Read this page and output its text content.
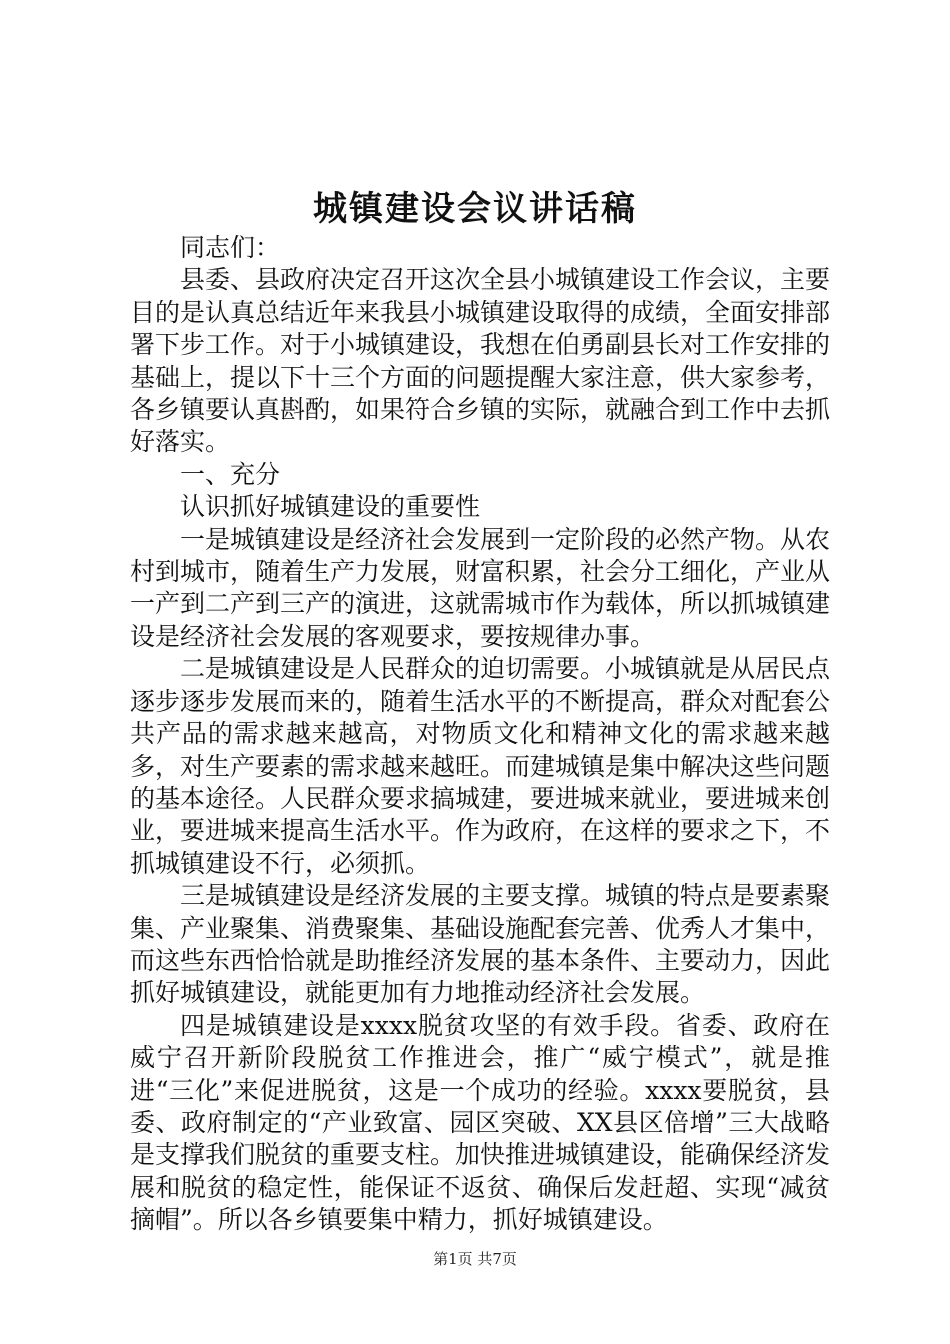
城镇建设会议讲话稿

同志们：

县委、县政府决定召开这次全县小城镇建设工作会议，主要目的是认真总结近年来我县小城镇建设取得的成绩，全面安排部署下步工作。对于小城镇建设，我想在伯勇副县长对工作安排的基础上，提以下十三个方面的问题提醒大家注意，供大家参考，各乡镇要认真斟酌，如果符合乡镇的实际，就融合到工作中去抓好落实。

一、充分

认识抓好城镇建设的重要性

一是城镇建设是经济社会发展到一定阶段的必然产物。从农村到城市，随着生产力发展，财富积累，社会分工细化，产业从一产到二产到三产的演进，这就需城市作为载体，所以抓城镇建设是经济社会发展的客观要求，要按规律办事。

二是城镇建设是人民群众的迫切需要。小城镇就是从居民点逐步逐步发展而来的，随着生活水平的不断提高，群众对配套公共产品的需求越来越高，对物质文化和精神文化的需求越来越多，对生产要素的需求越来越旺。而建城镇是集中解决这些问题的基本途径。人民群众要求搞城建，要进城来就业，要进城来创业，要进城来提高生活水平。作为政府，在这样的要求之下，不抓城镇建设不行，必须抓。

三是城镇建设是经济发展的主要支撑。城镇的特点是要素聚集、产业聚集、消费聚集、基础设施配套完善、优秀人才集中，而这些东西恰恰就是助推经济发展的基本条件、主要动力，因此抓好城镇建设，就能更加有力地推动经济社会发展。

四是城镇建设是xxxx脱贫攻坚的有效手段。省委、政府在威宁召开新阶段脱贫工作推进会，推广“威宁模式”，就是推进“三化”来促进脱贫，这是一个成功的经验。xxxx要脱贫，县委、政府制定的“产业致富、园区突破、XX县区倍增”三大战略是支撑我们脱贫的重要支柱。加快推进城镇建设，能确保经济发展和脱贫的稳定性，能保证不返贫、确保后发赶超、实现“减贫摘帽”。所以各乡镇要集中精力，抓好城镇建设。

第1页 共7页
